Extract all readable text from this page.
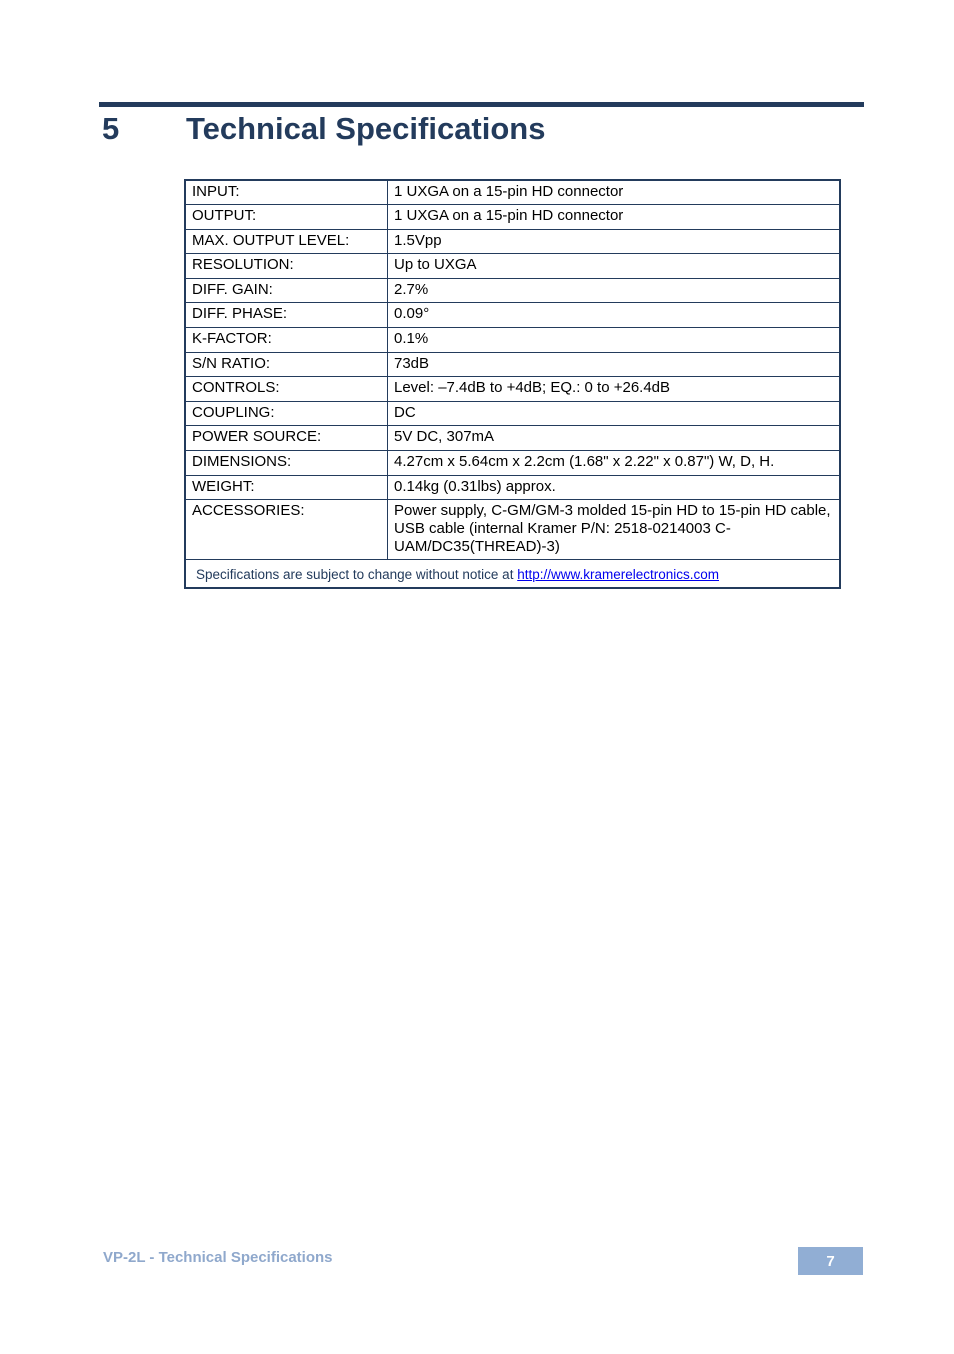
5	Technical Specifications
INPUT:	1 UXGA on a 15-pin HD connector
OUTPUT:	1 UXGA on a 15-pin HD connector
MAX. OUTPUT LEVEL:	1.5Vpp
RESOLUTION:	Up to UXGA
DIFF. GAIN:	2.7%
DIFF. PHASE:	0.09°
K-FACTOR:	0.1%
S/N RATIO:	73dB
CONTROLS:	Level: –7.4dB to +4dB; EQ.: 0 to +26.4dB
COUPLING:	DC
POWER SOURCE:	5V DC, 307mA
DIMENSIONS:	4.27cm x 5.64cm x 2.2cm (1.68" x 2.22" x 0.87") W, D, H.
WEIGHT:	0.14kg (0.31lbs) approx.
ACCESSORIES:	Power supply, C-GM/GM-3 molded 15-pin HD to 15-pin HD cable, USB cable (internal Kramer P/N: 2518-0214003 C-UAM/DC35(THREAD)-3)
Specifications are subject to change without notice at http://www.kramerelectronics.com	
VP-2L - Technical Specifications	7
